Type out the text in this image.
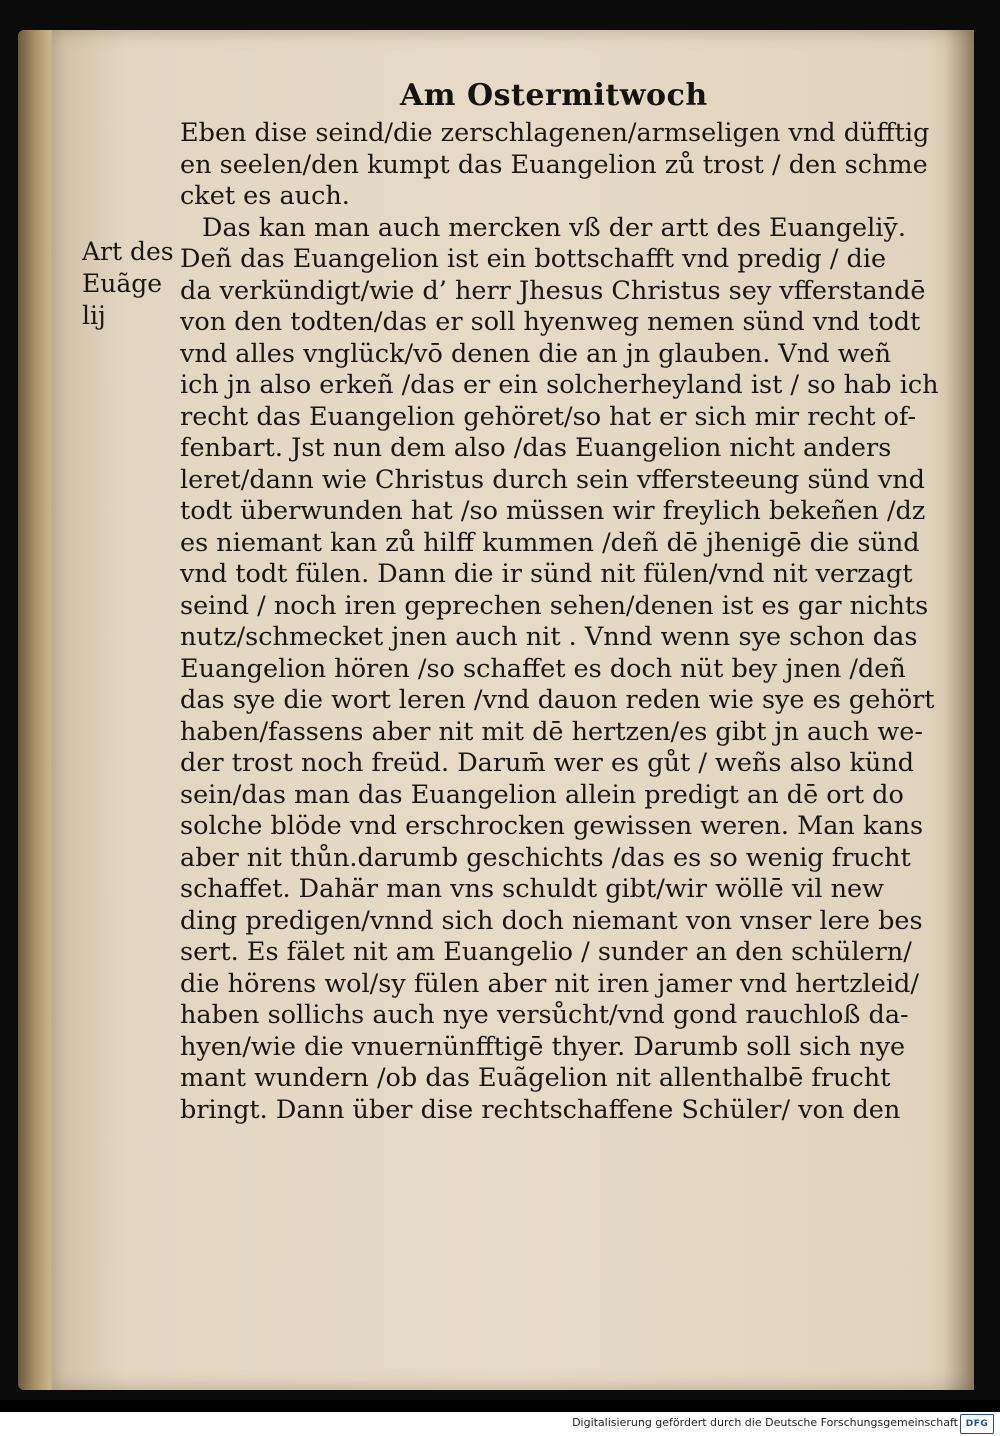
Am Ostermitwoch
Art des
Euãge
lij
Eben dise seind/die zerschlagenen/armseligen vnd düfftig
en seelen/den kumpt das Euangelion zů trost / den schme
cket es auch.
Das kan man auch mercken vß der artt des Euangeliȳ.
Deñ das Euangelion ist ein bottschafft vnd predig / die
da verkündigt/wie d’ herr Jhesus Christus sey vfferstandē
von den todten/das er soll hyenweg nemen sünd vnd todt
vnd alles vnglück/vō denen die an jn glauben. Vnd weñ
ich jn also erkeñ /das er ein solcherheyland ist / so hab ich
recht das Euangelion gehöret/so hat er sich mir recht of-
fenbart. Jst nun dem also /das Euangelion nicht anders
leret/dann wie Christus durch sein vfferstееung sünd vnd
todt überwunden hat /so müssen wir freylich bekeñen /dz
es niemant kan zů hilff kummen /deñ dē jhenigē die sünd
vnd todt fülen. Dann die ir sünd nit fülen/vnd nit verzagt
seind / noch iren geprechen sehen/denen ist es gar nichts
nutz/schmecket jnen auch nit . Vnnd wenn sye schon das
Euangelion hören /so schaffet es doch nüt bey jnen /deñ
das sye die wort leren /vnd dauon reden wie sye es gehört
haben/fassens aber nit mit dē hertzen/es gibt jn auch we-
der trost noch freüd. Darum̄ wer es gůt / weñs also künd
sein/das man das Euangelion allein predigt an dē ort do
solche blöde vnd erschrocken gewissen weren. Man kans
aber nit thůn.darumb geschichts /das es so wenig frucht
schaffet. Dahär man vns schuldt gibt/wir wöllē vil new
ding predigen/vnnd sich doch niemant von vnser lere bes
sert. Es fälet nit am Euangelio / sunder an den schülern/
die hörens wol/sy fülen aber nit iren jamer vnd hertzleid/
haben sollichs auch nye versůcht/vnd gond rauchloß da-
hyen/wie die vnuernünfftigē thyer. Darumb soll sich nye
mant wundern /ob das Euãgelion nit allenthalbē frucht
bringt. Dann über dise rechtschaffene Schüler/ von den
Digitalisierung gefördert durch die Deutsche Forschungsgemeinschaft DFG
